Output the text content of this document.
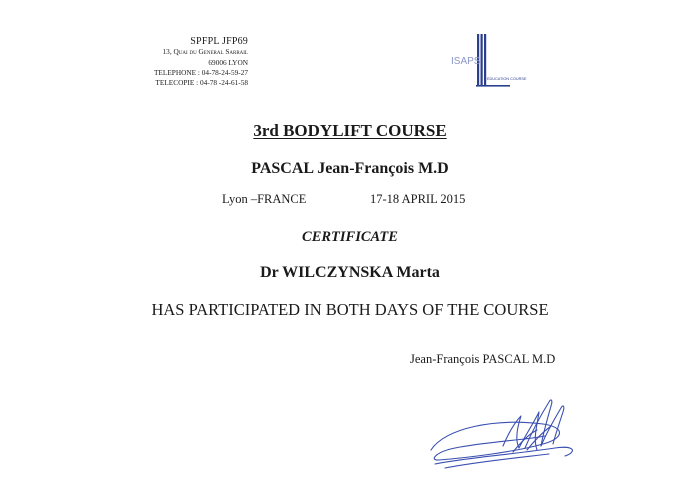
SPFPL JFP69
13, Quai du General Sarrail
69006 LYON
TELEPHONE : 04-78-24-59-27
TELECOPIE : 04-78 -24-61-58
ISAPS
EDUCATION COURSE
3rd BODYLIFT COURSE
PASCAL Jean-François M.D
Lyon –FRANCE	17-18 APRIL 2015
CERTIFICATE
Dr WILCZYNSKA Marta
HAS PARTICIPATED IN BOTH DAYS OF THE COURSE
Jean-François PASCAL M.D
